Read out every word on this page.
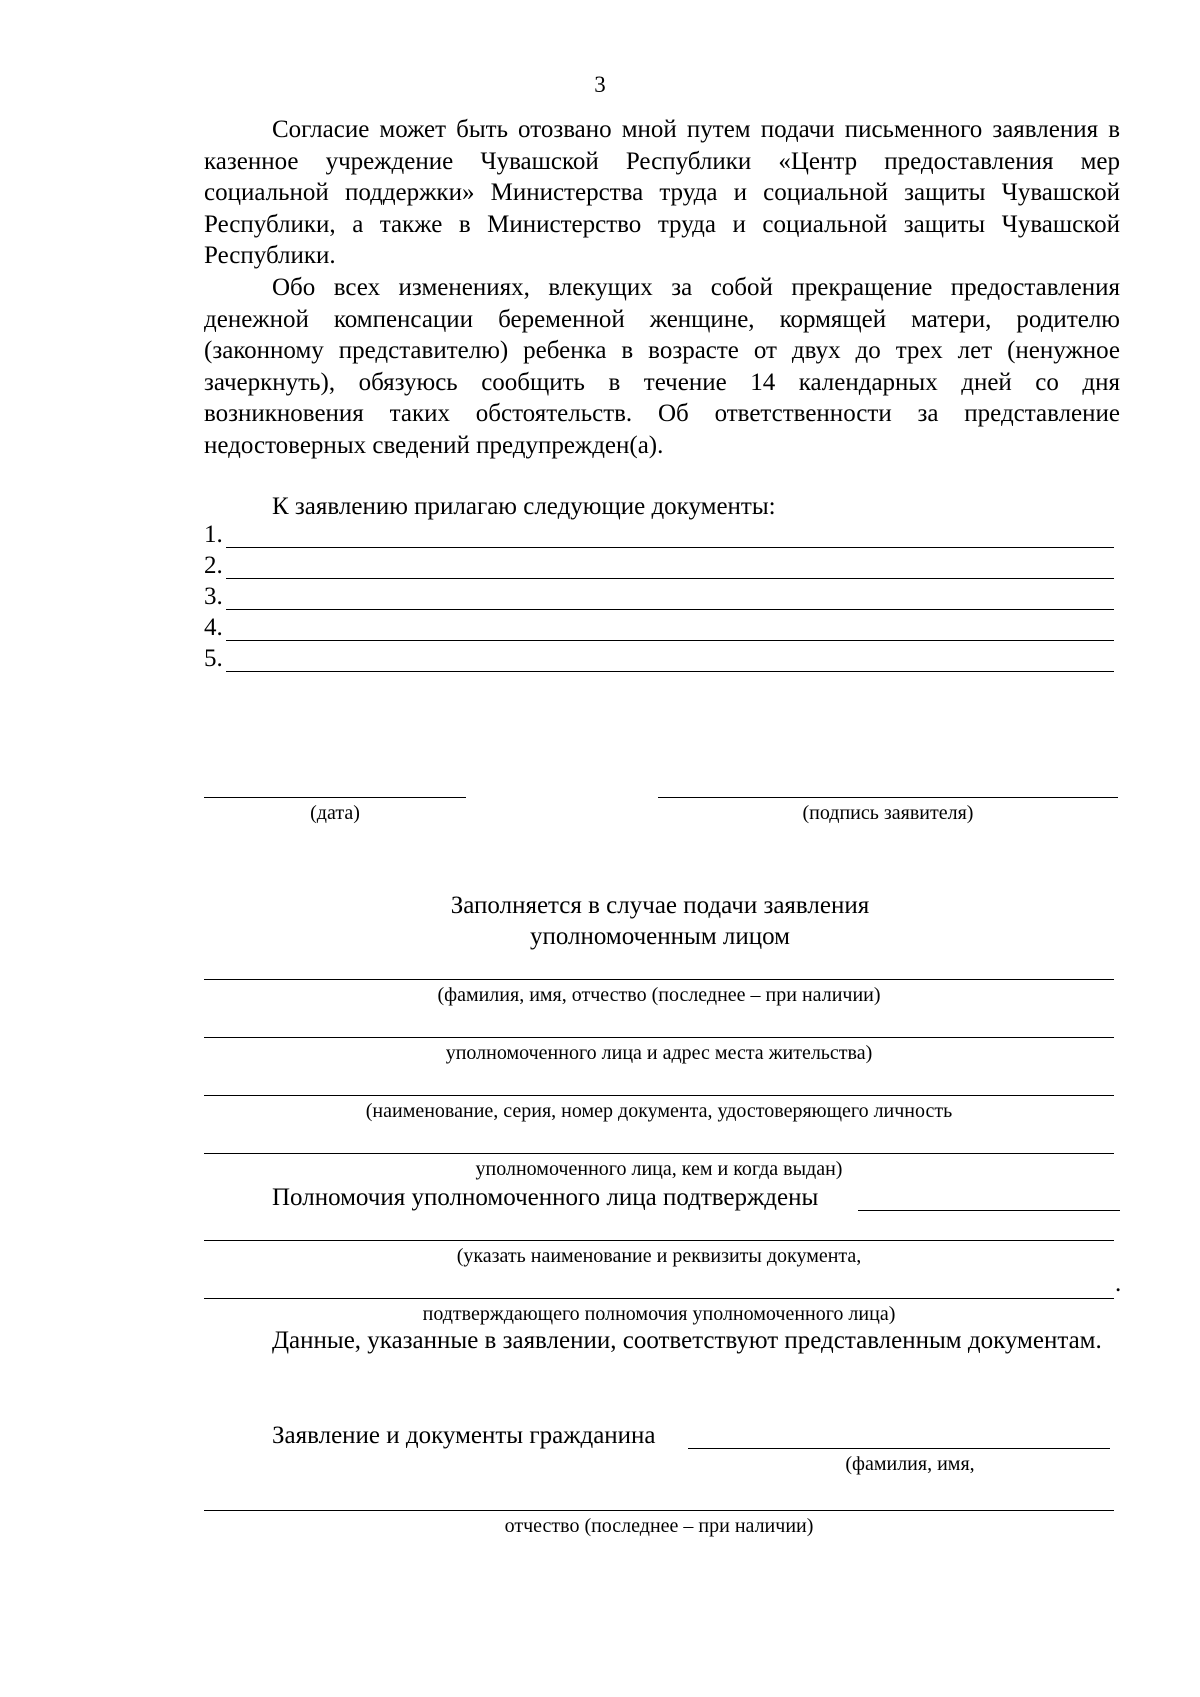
3
Согласие может быть отозвано мной путем подачи письменного заявления в казенное учреждение Чувашской Республики «Центр предоставления мер социальной поддержки» Министерства труда и социальной защиты Чувашской Республики, а также в Министерство труда и социальной защиты Чувашской Республики.
Обо всех изменениях, влекущих за собой прекращение предоставления денежной компенсации беременной женщине, кормящей матери, родителю (законному представителю) ребенка в возрасте от двух до трех лет (ненужное зачеркнуть), обязуюсь сообщить в течение 14 календарных дней со дня возникновения таких обстоятельств. Об ответственности за представление недостоверных сведений предупрежден(а).
К заявлению прилагаю следующие документы:
1.
2.
3.
4.
5.
(дата)	(подпись заявителя)
Заполняется в случае подачи заявления
уполномоченным лицом
(фамилия, имя, отчество (последнее – при наличии)
уполномоченного лица и адрес места жительства)
(наименование, серия, номер документа, удостоверяющего личность
уполномоченного лица, кем и когда выдан)
Полномочия уполномоченного лица подтверждены
(указать наименование и реквизиты документа,
.
подтверждающего полномочия уполномоченного лица)
Данные, указанные в заявлении, соответствуют представленным документам.
Заявление и документы гражданина
(фамилия, имя,
отчество (последнее – при наличии)
